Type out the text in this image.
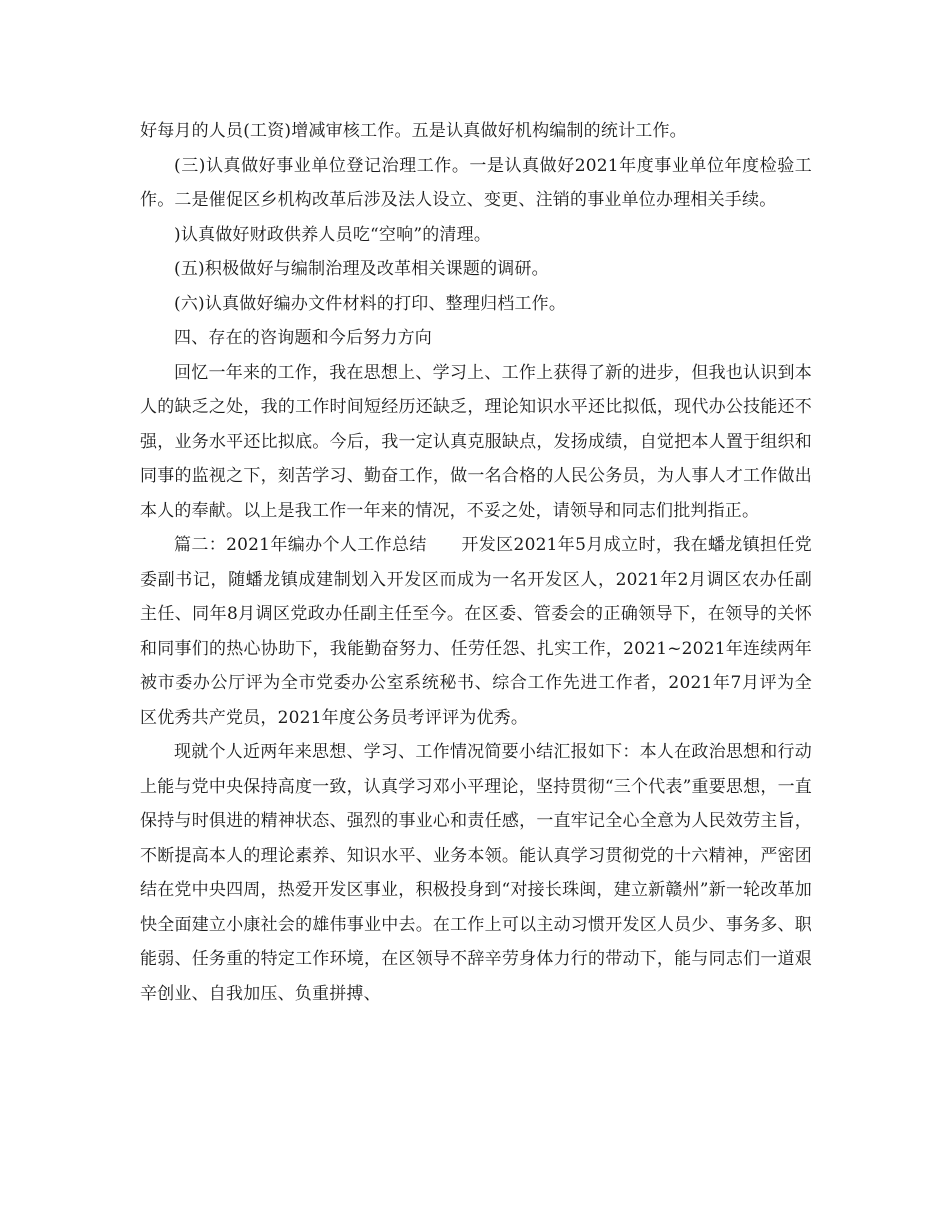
好每月的人员(工资)增减审核工作。五是认真做好机构编制的统计工作。

(三)认真做好事业单位登记治理工作。一是认真做好2021年度事业单位年度检验工作。二是催促区乡机构改革后涉及法人设立、变更、注销的事业单位办理相关手续。

)认真做好财政供养人员吃“空响”的清理。

(五)积极做好与编制治理及改革相关课题的调研。

(六)认真做好编办文件材料的打印、整理归档工作。

四、存在的咨询题和今后努力方向

回忆一年来的工作，我在思想上、学习上、工作上获得了新的进步，但我也认识到本人的缺乏之处，我的工作时间短经历还缺乏，理论知识水平还比拟低，现代办公技能还不强，业务水平还比拟底。今后，我一定认真克服缺点，发扬成绩，自觉把本人置于组织和同事的监视之下，刻苦学习、勤奋工作，做一名合格的人民公务员，为人事人才工作做出本人的奉献。以上是我工作一年来的情况，不妥之处，请领导和同志们批判指正。

篇二：2021年编办个人工作总结　　开发区2021年5月成立时，我在蟠龙镇担任党委副书记，随蟠龙镇成建制划入开发区而成为一名开发区人，2021年2月调区农办任副主任、同年8月调区党政办任副主任至今。在区委、管委会的正确领导下，在领导的关怀和同事们的热心协助下，我能勤奋努力、任劳任怨、扎实工作，2021~2021年连续两年被市委办公厅评为全市党委办公室系统秘书、综合工作先进工作者，2021年7月评为全区优秀共产党员，2021年度公务员考评评为优秀。

现就个人近两年来思想、学习、工作情况简要小结汇报如下：本人在政治思想和行动上能与党中央保持高度一致，认真学习邓小平理论，坚持贯彻“三个代表”重要思想，一直保持与时俱进的精神状态、强烈的事业心和责任感，一直牢记全心全意为人民效劳主旨，不断提高本人的理论素养、知识水平、业务本领。能认真学习贯彻党的十六精神，严密团结在党中央四周，热爱开发区事业，积极投身到“对接长珠闽，建立新赣州”新一轮改革加快全面建立小康社会的雄伟事业中去。在工作上可以主动习惯开发区人员少、事务多、职能弱、任务重的特定工作环境，在区领导不辞辛劳身体力行的带动下，能与同志们一道艰辛创业、自我加压、负重拼搏、
